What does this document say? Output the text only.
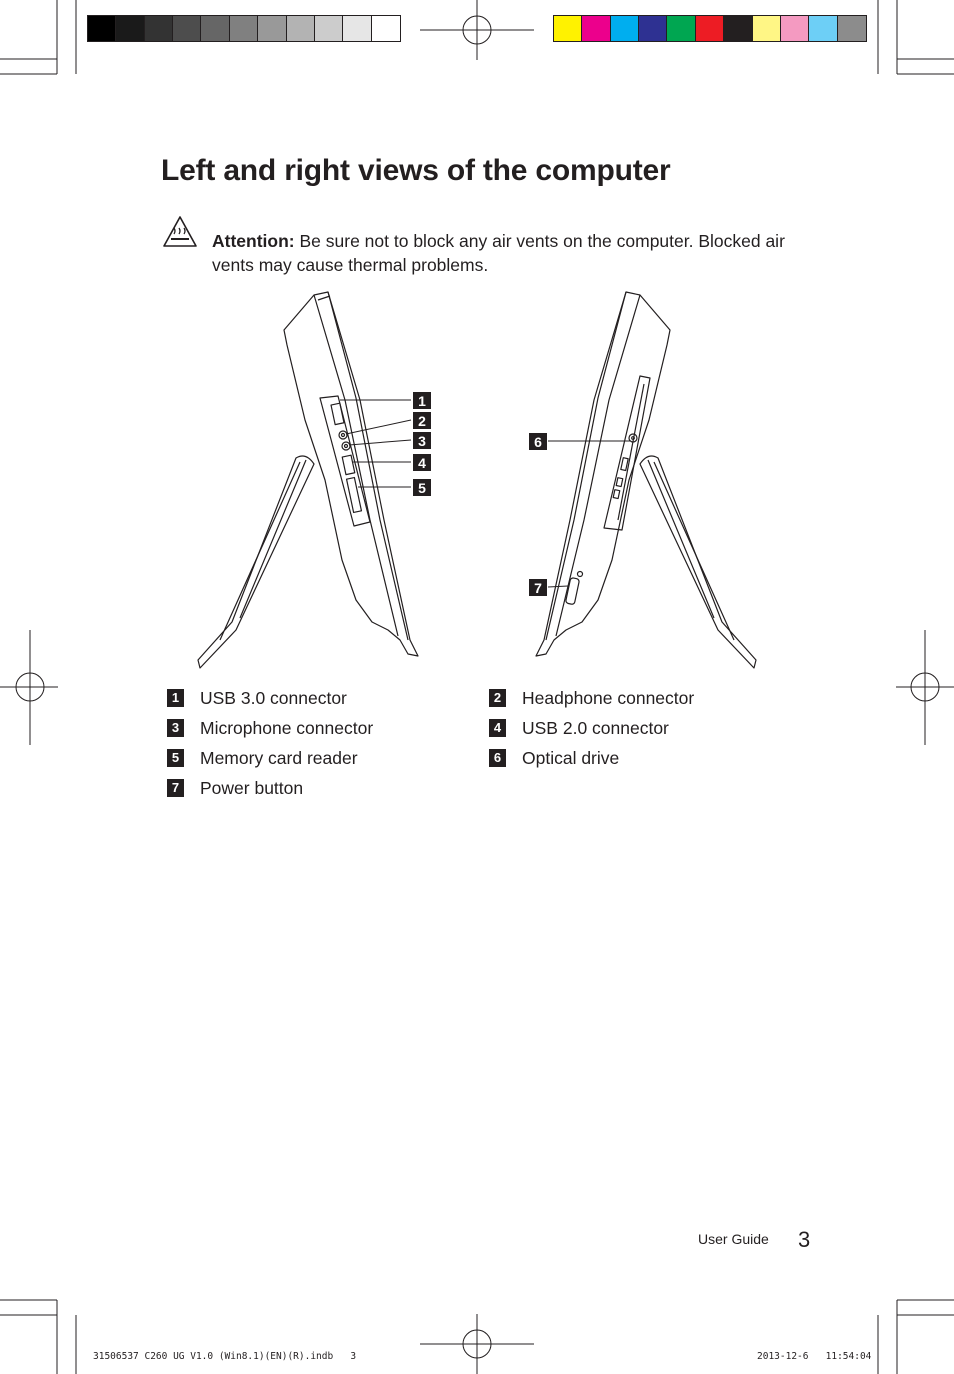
Left and right views of the computer
Attention: Be sure not to block any air vents on the computer. Blocked air vents may cause thermal problems.
1
2
3
4
5
6
7
1 USB 3.0 connector	2 Headphone connector
3 Microphone connector	4 USB 2.0 connector
5 Memory card reader	6 Optical drive
7 Power button
User Guide 3
31506537 C260 UG V1.0 (Win8.1)(EN)(R).indb   3	2013-12-6   11:54:04
